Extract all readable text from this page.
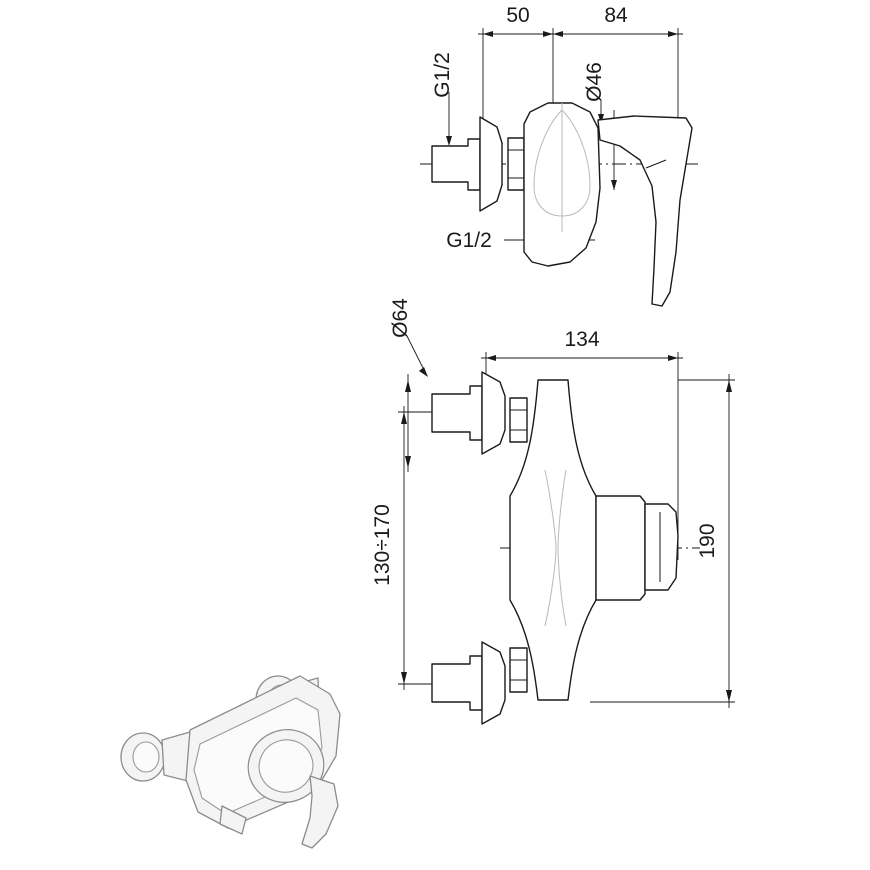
50	84
G1/2	Ø46
G1/2
Ø64
134
190
130÷170
